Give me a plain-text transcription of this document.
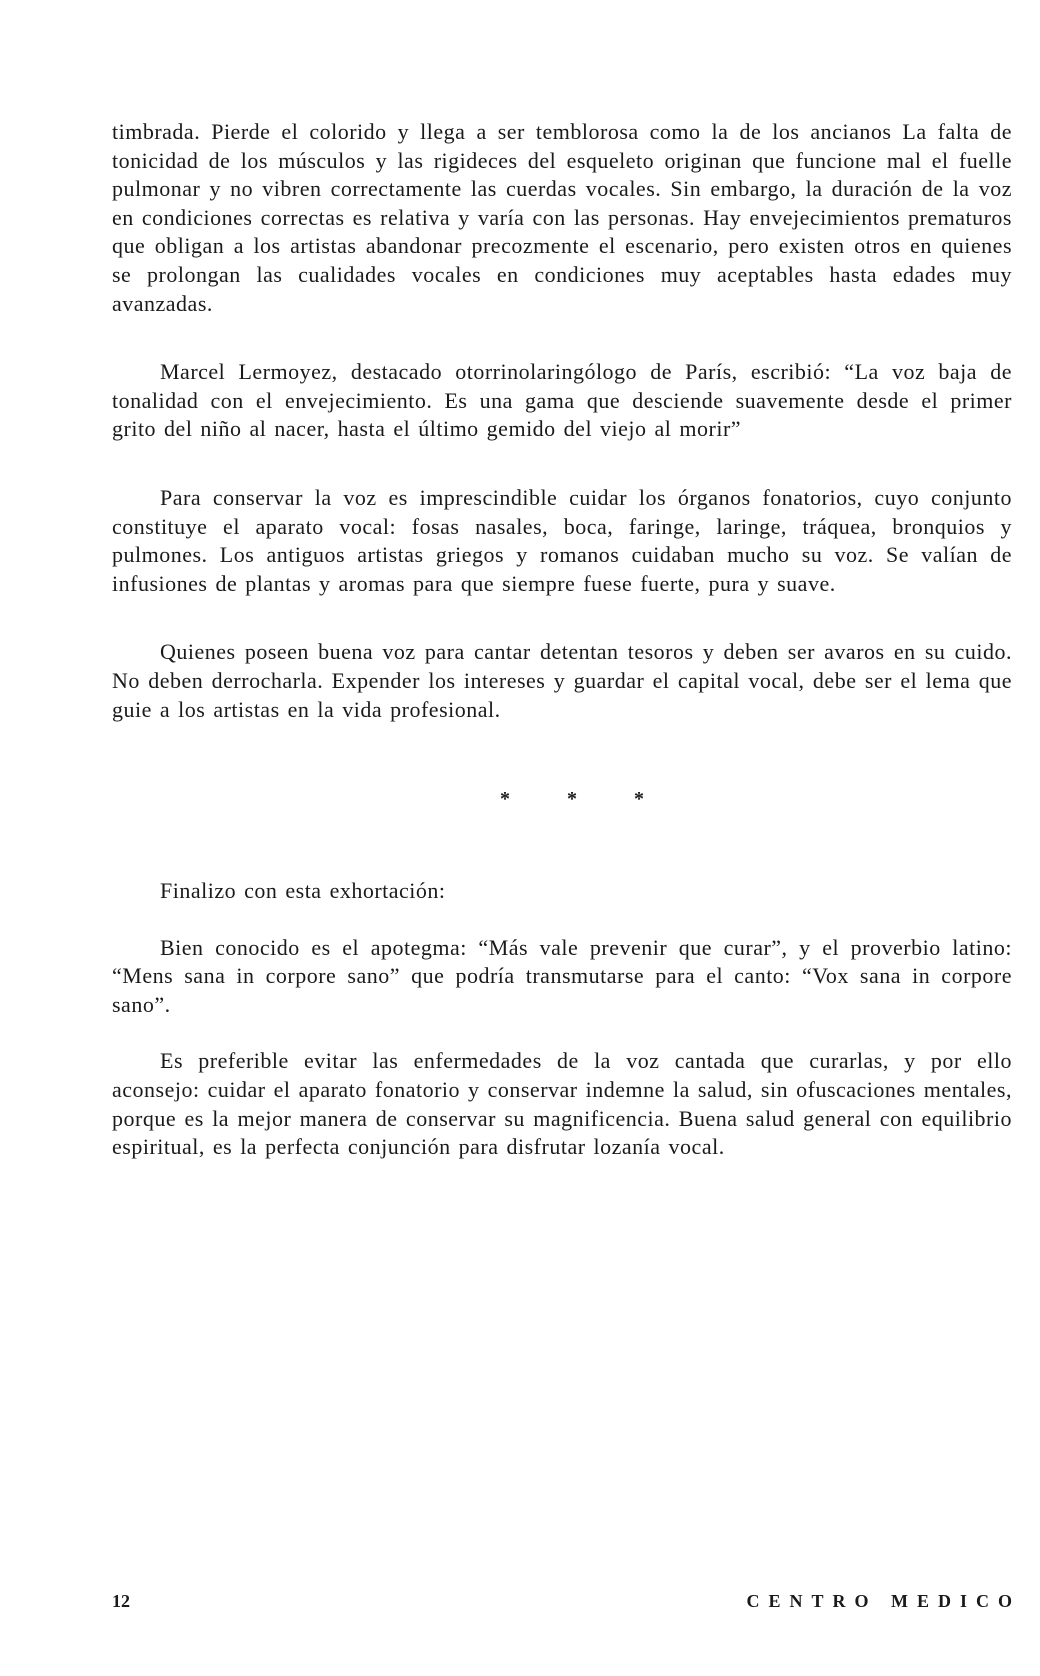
timbrada. Pierde el colorido y llega a ser temblorosa como la de los ancianos La falta de tonicidad de los músculos y las rigideces del esqueleto originan que funcione mal el fuelle pulmonar y no vibren correctamente las cuerdas vocales. Sin embargo, la duración de la voz en condiciones correctas es relativa y varía con las personas. Hay envejecimientos prematuros que obligan a los artistas abandonar precozmente el escenario, pero existen otros en quienes se prolongan las cualidades vocales en condiciones muy aceptables hasta edades muy avanzadas.

Marcel Lermoyez, destacado otorrinolaringólogo de París, escribió: “La voz baja de tonalidad con el envejecimiento. Es una gama que desciende suavemente desde el primer grito del niño al nacer, hasta el último gemido del viejo al morir”

Para conservar la voz es imprescindible cuidar los órganos fonatorios, cuyo conjunto constituye el aparato vocal: fosas nasales, boca, faringe, laringe, tráquea, bronquios y pulmones. Los antiguos artistas griegos y romanos cuidaban mucho su voz. Se valían de infusiones de plantas y aromas para que siempre fuese fuerte, pura y suave.

Quienes poseen buena voz para cantar detentan tesoros y deben ser avaros en su cuido. No deben derrocharla. Expender los intereses y guardar el capital vocal, debe ser el lema que guie a los artistas en la vida profesional.

* * *

Finalizo con esta exhortación:

Bien conocido es el apotegma: “Más vale prevenir que curar”, y el proverbio latino: “Mens sana in corpore sano” que podría transmutarse para el canto: “Vox sana in corpore sano”.

Es preferible evitar las enfermedades de la voz cantada que curarlas, y por ello aconsejo: cuidar el aparato fonatorio y conservar indemne la salud, sin ofuscaciones mentales, porque es la mejor manera de conservar su magnificencia. Buena salud general con equilibrio espiritual, es la perfecta conjunción para disfrutar lozanía vocal.

12	CENTRO MEDICO
